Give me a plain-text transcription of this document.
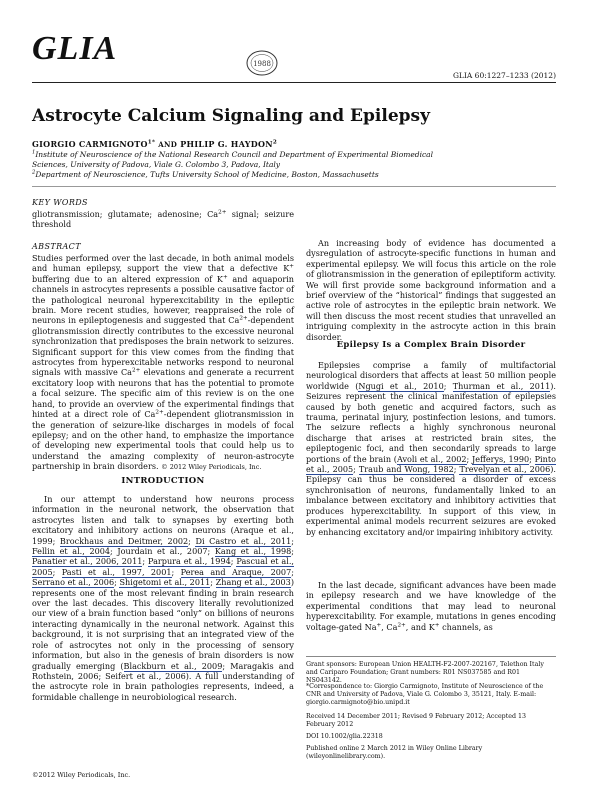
GLIA	1988
GLIA 60:1227–1233 (2012)
Astrocyte Calcium Signaling and Epilepsy
GIORGIO $CARMIGNOTO^{1*}$ AND PHILIP G. HAYDON$^2$
$^1$Institute of Neuroscience of the National Research Council and Department of Experimental Biomedical Sciences, University of Padova, Viale G. Colombo 3, Padova, Italy
$^2$Department of Neuroscience, Tufts University School of Medicine, Boston, Massachusetts
KEY WORDS
gliotransmission; glutamate; adenosine; $Ca^{2+}$ signal; seizure threshold
ABSTRACT
Studies performed over the last decade, in both animal models and human epilepsy, support the view that a defective K+ buffering due to an altered expression of K+ and aquaporin channels in astrocytes represents a possible causative factor of the pathological neuronal hyperexcitability in the epileptic brain. More recent studies, however, reappraised the role of neurons in epileptogenesis and suggested that $Ca^{2+}$-dependent gliotransmission directly contributes to the excessive neuronal synchronization that predisposes the brain network to seizures. Significant support for this view comes from the finding that astrocytes from hyperexcitable networks respond to neuronal signals with massive $Ca^{2+}$ elevations and generate a recurrent excitatory loop with neurons that has the potential to promote a focal seizure. The specific aim of this review is on the one hand, to provide an overview of the experimental findings that hinted at a direct role of $Ca^{2+}$-dependent gliotransmission in the generation of seizure-like discharges in models of focal epilepsy; and on the other hand, to emphasize the importance of developing new experimental tools that could help us to understand the amazing complexity of neuron-astrocyte partnership in brain disorders. © 2012 Wiley Periodicals, Inc.
INTRODUCTION
In our attempt to understand how neurons process information in the neuronal network, the observation that astrocytes listen and talk to synapses by exerting both excitatory and inhibitory actions on neurons (Araque et al., 1999; Brockhaus and Deitmer, 2002; Di Castro et al., 2011; Fellin et al., 2004; Jourdain et al., 2007; Kang et al., 1998; Panatier et al., 2006, 2011; Parpura et al., 1994; Pascual et al., 2005; Pasti et al., 1997, 2001; Perea and Araque, 2007; Serrano et al., 2006; Shigetomi et al., 2011; Zhang et al., 2003) represents one of the most relevant finding in brain research over the last decades. This discovery literally revolutionized our view of a brain function based “only” on billions of neurons interacting dynamically in the neuronal network. Against this background, it is not surprising that an integrated view of the role of astrocytes not only in the processing of sensory information, but also in the genesis of brain disorders is now gradually emerging (Blackburn et al., 2009; Maragakis and Rothstein, 2006; Seifert et al., 2006). A full understanding of the astrocyte role in brain pathologies represents, indeed, a formidable challenge in neurobiological research.
An increasing body of evidence has documented a dysregulation of astrocyte-specific functions in human and experimental epilepsy. We will focus this article on the role of gliotransmission in the generation of epileptiform activity. We will first provide some background information and a brief overview of the “historical” findings that suggested an active role of astrocytes in the epileptic brain network. We will then discuss the most recent studies that unravelled an intriguing complexity in the astrocyte action in this brain disorder.
Epilepsy Is a Complex Brain Disorder
Epilepsies comprise a family of multifactorial neurological disorders that affects at least 50 million people worldwide (Ngugi et al., 2010; Thurman et al., 2011). Seizures represent the clinical manifestation of epilepsies caused by both genetic and acquired factors, such as trauma, perinatal injury, postinfection lesions, and tumors. The seizure reflects a highly synchronous neuronal discharge that arises at restricted brain sites, the epileptogenic foci, and then secondarily spreads to large portions of the brain (Avoli et al., 2002; Jefferys, 1990; Pinto et al., 2005; Traub and Wong, 1982; Trevelyan et al., 2006). Epilepsy can thus be considered a disorder of excess synchronisation of neurons, fundamentally linked to an imbalance between excitatory and inhibitory activities that produces hyperexcitability. In support of this view, in experimental animal models recurrent seizures are evoked by enhancing excitatory and/or impairing inhibitory activity.
In the last decade, significant advances have been made in epilepsy research and we have knowledge of the experimental conditions that may lead to neuronal hyperexcitability. For example, mutations in genes encoding voltage-gated Na+, $Ca^{2+}$, and K+ channels, as
Grant sponsors: European Union HEALTH-F2-2007-202167, Telethon Italy and Cariparo Foundation; Grant numbers: R01 NS037585 and R01 NS043142.
*Correspondence to: Giorgio Carmignoto, Institute of Neuroscience of the CNR and University of Padova, Viale G. Colombo 3, 35121, Italy. E-mail: giorgio.carmignoto@bio.unipd.it
Received 14 December 2011; Revised 9 February 2012; Accepted 13 February 2012
DOI 10.1002/glia.22318
Published online 2 March 2012 in Wiley Online Library (wileyonlinelibrary.com).
©2012 Wiley Periodicals, Inc.
